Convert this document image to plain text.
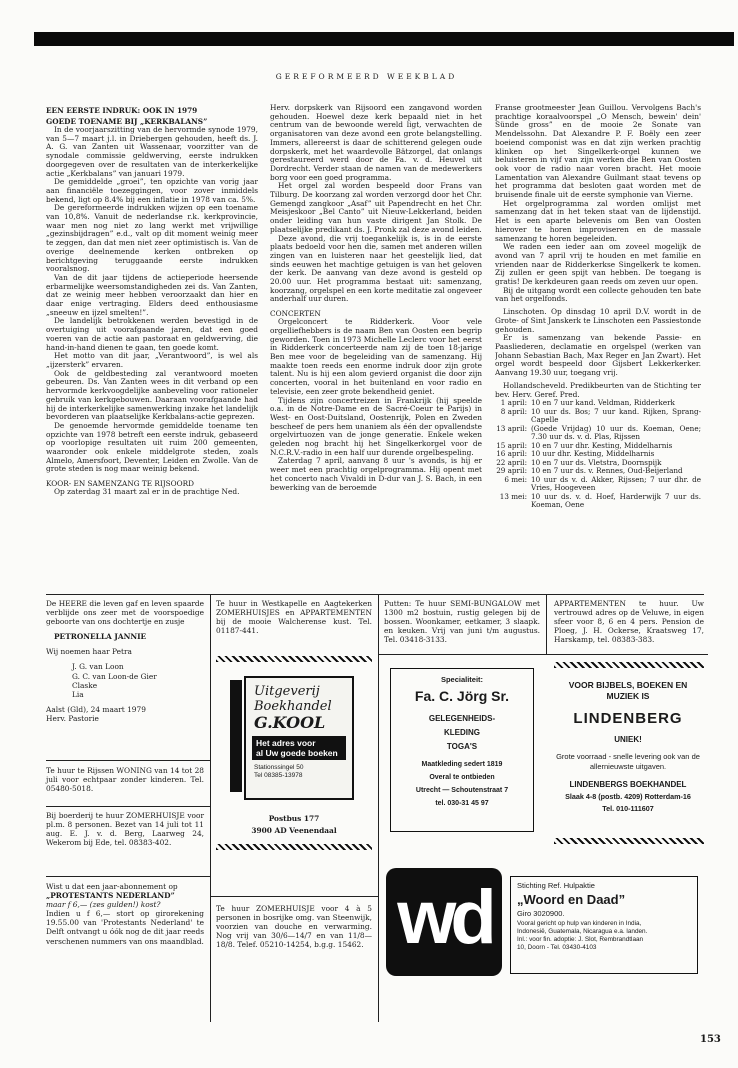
GEREFORMEERD WEEKBLAD
EEN EERSTE INDRUK: OOK IN 1979
GOEDE TOENAME BIJ „KERKBALANS”

In de voorjaarszitting van de hervormde synode 1979, van 5—7 maart j.l. in Driebergen gehouden, heeft ds. J. A. G. van Zanten uit Wassenaar, voorzitter van de synodale commissie geldwerving, eerste indrukken doorgegeven over de resultaten van de interkerkelijke actie „Kerkbalans” van januari 1979.

De gemiddelde „groei”, ten opzichte van vorig jaar aan financiële toezeggingen, voor zover inmiddels bekend, ligt op 8.4% bij een inflatie in 1978 van ca. 5%.

De gereformeerde indrukken wijzen op een toename van 10,8%. Vanuit de nederlandse r.k. kerkprovincie, waar men nog niet zo lang werkt met vrijwillige „gezinsbijdragen” e.d., valt op dit moment weinig meer te zeggen, dan dat men niet zeer optimistisch is. Van de overige deelnemende kerken ontbreken op berichtgeving teruggaande eerste indrukken vooralsnog.

Van de dit jaar tijdens de actieperiode heersende erbarmelijke weersomstandigheden zei ds. Van Zanten, dat ze weinig meer hebben veroorzaakt dan hier en daar enige vertraging. Elders deed enthousiasme „sneeuw en ijzel smelten!”.

De landelijk betrokkenen werden bevestigd in de overtuiging uit voorafgaande jaren, dat een goed voeren van de actie aan pastoraat en geldwerving, die hand-in-hand dienen te gaan, ten goede komt.

Het motto van dit jaar, „Verantwoord”, is wel als „ijzersterk” ervaren.

Ook de geldbesteding zal verantwoord moeten gebeuren. Ds. Van Zanten wees in dit verband op een hervormde kerkvoogdelijke aanbeveling voor rationeler gebruik van kerkgebouwen. Daaraan voorafgaande had hij de interkerkelijke samenwerking inzake het landelijk bevorderen van plaatselijke Kerkbalans-actie geprezen.

De genoemde hervormde gemiddelde toename ten opzichte van 1978 betreft een eerste indruk, gebaseerd op voorlopige resultaten uit ruim 200 gemeenten, waaronder ook enkele middelgrote steden, zoals Almelo, Amersfoort, Deventer, Leiden en Zwolle. Van de grote steden is nog maar weinig bekend.

KOOR- EN SAMENZANG TE RIJSOORD

Op zaterdag 31 maart zal er in de prachtige Ned.

Herv. dorpskerk van Rijsoord een zangavond worden gehouden. Hoewel deze kerk bepaald niet in het centrum van de bewoonde wereld ligt, verwachten de organisatoren van deze avond een grote belangstelling. Immers, allereerst is daar de schitterend gelegen oude dorpskerk, met het waardevolle Bätzorgel, dat onlangs gerestaureerd werd door de Fa. v. d. Heuvel uit Dordrecht. Verder staan de namen van de medewerkers borg voor een goed programma.

Het orgel zal worden bespeeld door Frans van Tilburg. De koorzang zal worden verzorgd door het Chr. Gemengd zangkoor „Asaf” uit Papendrecht en het Chr. Meisjeskoor „Bel Canto” uit Nieuw-Lekkerland, beiden onder leiding van hun vaste dirigent Jan Stolk. De plaatselijke predikant ds. J. Pronk zal deze avond leiden.

Deze avond, die vrij toegankelijk is, is in de eerste plaats bedoeld voor hen die, samen met anderen willen zingen van en luisteren naar het geestelijk lied, dat sinds eeuwen het machtige getuigen is van het geloven der kerk. De aanvang van deze avond is gesteld op 20.00 uur. Het programma bestaat uit: samenzang, koorzang, orgelspel en een korte meditatie zal ongeveer anderhalf uur duren.

CONCERTEN

Orgelconcert te Ridderkerk. Voor vele orgelliefhebbers is de naam Ben van Oosten een begrip geworden. Toen in 1973 Michelle Leclerc voor het eerst in Ridderkerk concerteerde nam zij de toen 18-jarige Ben mee voor de begeleiding van de samenzang. Hij maakte toen reeds een enorme indruk door zijn grote talent. Nu is hij een alom gevierd organist die door zijn concerten, vooral in het buitenland en voor radio en televisie, een zeer grote bekendheid geniet.

Tijdens zijn concertreizen in Frankrijk (hij speelde o.a. in de Notre-Dame en de Sacré-Coeur te Parijs) in West- en Oost-Duitsland, Oostenrijk, Polen en Zweden bescheef de pers hem unaniem als één der opvallendste orgelvirtuozen van de jonge generatie. Enkele weken geleden nog bracht hij het Singelkerkorgel voor de N.C.R.V.-radio in een half uur durende orgelbespeling.

Zaterdag 7 april, aanvang 8 uur 's avonds, is hij er weer met een prachtig orgelprogramma. Hij opent met het concerto nach Vivaldi in D-dur van J. S. Bach, in een bewerking van de beroemde

Franse grootmeester Jean Guillou. Vervolgens Bach's prachtige koraalvoorspel „O Mensch, bewein' dein' Sünde gross” en de mooie 2e Sonate van Mendelssohn. Dat Alexandre P. F. Boëly een zeer boeiend componist was en dat zijn werken prachtig klinken op het Singelkerk-orgel kunnen we beluisteren in vijf van zijn werken die Ben van Oosten ook voor de radio naar voren bracht. Het mooie Lamentation van Alexandre Guilmant staat tevens op het programma dat besloten gaat worden met de bruisende finale uit de eerste symphonie van Vierne.

Het orgelprogramma zal worden omlijst met samenzang dat in het teken staat van de lijdenstijd. Het is een aparte belevenis om Ben van Oosten hierover te horen improviseren en de massale samenzang te horen begeleiden.

We raden een ieder aan om zoveel mogelijk de avond van 7 april vrij te houden en met familie en vrienden naar de Ridderkerkse Singelkerk te komen. Zij zullen er geen spijt van hebben. De toegang is gratis! De kerkdeuren gaan reeds om zeven uur open.

Bij de uitgang wordt een collecte gehouden ten bate van het orgelfonds.

Linschoten. Op dinsdag 10 april D.V. wordt in de Grote- of Sint Janskerk te Linschoten een Passiestonde gehouden.

Er is samenzang van bekende Passie- en Paasliederen, declamatie en orgelspel (werken van Johann Sebastian Bach, Max Reger en Jan Zwart). Het orgel wordt bespeeld door Gijsbert Lekkerkerker. Aanvang 19.30 uur, toegang vrij.

Hollandscheveld. Predikbeurten van de Stichting ter bev. Herv. Geref. Pred.

1 april: 10 en 7 uur kand. Veldman, Ridderkerk
8 april: 10 uur ds. Bos; 7 uur kand. Rijken, Sprang-Capelle
13 april: (Goede Vrijdag) 10 uur ds. Koeman, Oene; 7.30 uur ds. v. d. Plas, Rijssen
15 april: 10 en 7 uur dhr. Kesting, Middelharnis
16 april: 10 uur dhr. Kesting, Middelharnis
22 april: 10 en 7 uur ds. Vletstra, Doornspijk
29 april: 10 en 7 uur ds. v. Rennes, Oud-Beijerland
6 mei: 10 uur ds v. d. Akker, Rijssen; 7 uur dhr. de Vries, Hoogeveen
13 mei: 10 uur ds. v. d. Hoef, Harderwijk 7 uur ds. Koeman, Oene

De HEERE die leven gaf en leven spaarde verblijde ons zeer met de voorspoedige geboorte van ons dochtertje en zusje

PETRONELLA JANNIE

Wij noemen haar Petra

J. G. van Loon

G. C. van Loon-de Gier

Claske

Lia

Aalst (Gld), 24 maart 1979

Herv. Pastorie

Te huur te Rijssen WONING van 14 tot 28 juli voor echtpaar zonder kinderen. Tel. 05480-5018.
Bij boerderij te huur ZOMERHUISJE voor pl.m. 8 personen. Bezet van 14 juli tot 11 aug. E. J. v. d. Berg, Laarweg 24, Wekerom bij Ede, tel. 08383-402.

Wist u dat een jaar-abonnement op

„PROTESTANTS NEDERLAND”

maar f 6,— (zes gulden!) kost?

Indien u f 6,— stort op girorekening 19.55.00 van 'Protestants Nederland' te Delft ontvangt u óók nog de dit jaar reeds verschenen nummers van ons maandblad.

Te huur in Westkapelle en Aagtekerken ZOMERHUISJES en APPARTEMENTEN bij de mooie Walcherense kust. Tel. 01187-441.
Uitgeverij
Boekhandel
G.KOOL
Het adres voor
al Uw goede boeken
Stationssingel 50
Tel 08385-13978
Postbus 177
3900 AD Veenendaal
Te huur ZOMERHUISJE voor 4 à 5 personen in bosrijke omg. van Steenwijk, voorzien van douche en verwarming. Nog vrij van 30/6—14/7 en van 11/8—18/8. Telef. 05210-14254, b.g.g. 15462.
Putten: Te huur SEMI-BUNGALOW met 1300 m2 bostuin, rustig gelegen bij de bossen. Woonkamer, eetkamer, 3 slaapk. en keuken. Vrij van juni t/m augustus. Tel. 03418-3133.
Specialiteit:
Fa. C. Jörg Sr.
GELEGENHEIDS-
KLEDING
TOGA'S
Maatkleding sedert 1819
Overal te ontbieden
Utrecht — Schoutenstraat 7
tel. 030-31 45 97
wd	Stichting Ref. Hulpaktie
„Woord en Daad”
Giro 3020900.
Vooral gericht op hulp van kinderen in India,
Indonesië, Guatemala, Nicaragua e.a. landen.
Inl.: voor fin. adoptie: J. Slot, Rembrandtlaan
10, Doorn - Tel. 03430-4103
APPARTEMENTEN te huur. Uw vertrouwd adres op de Veluwe, in eigen sfeer voor 8, 6 en 4 pers. Pension de Ploeg, J. H. Ockerse, Kraatsweg 17, Harskamp, tel. 08383-383.
VOOR BIJBELS, BOEKEN EN MUZIEK IS
LINDENBERG
UNIEK!
Grote voorraad - snelle levering ook van de allernieuwste uitgaven.
LINDENBERGS BOEKHANDEL
Slaak 4-8 (postb. 4209) Rotterdam-16
Tel. 010-111607
153
